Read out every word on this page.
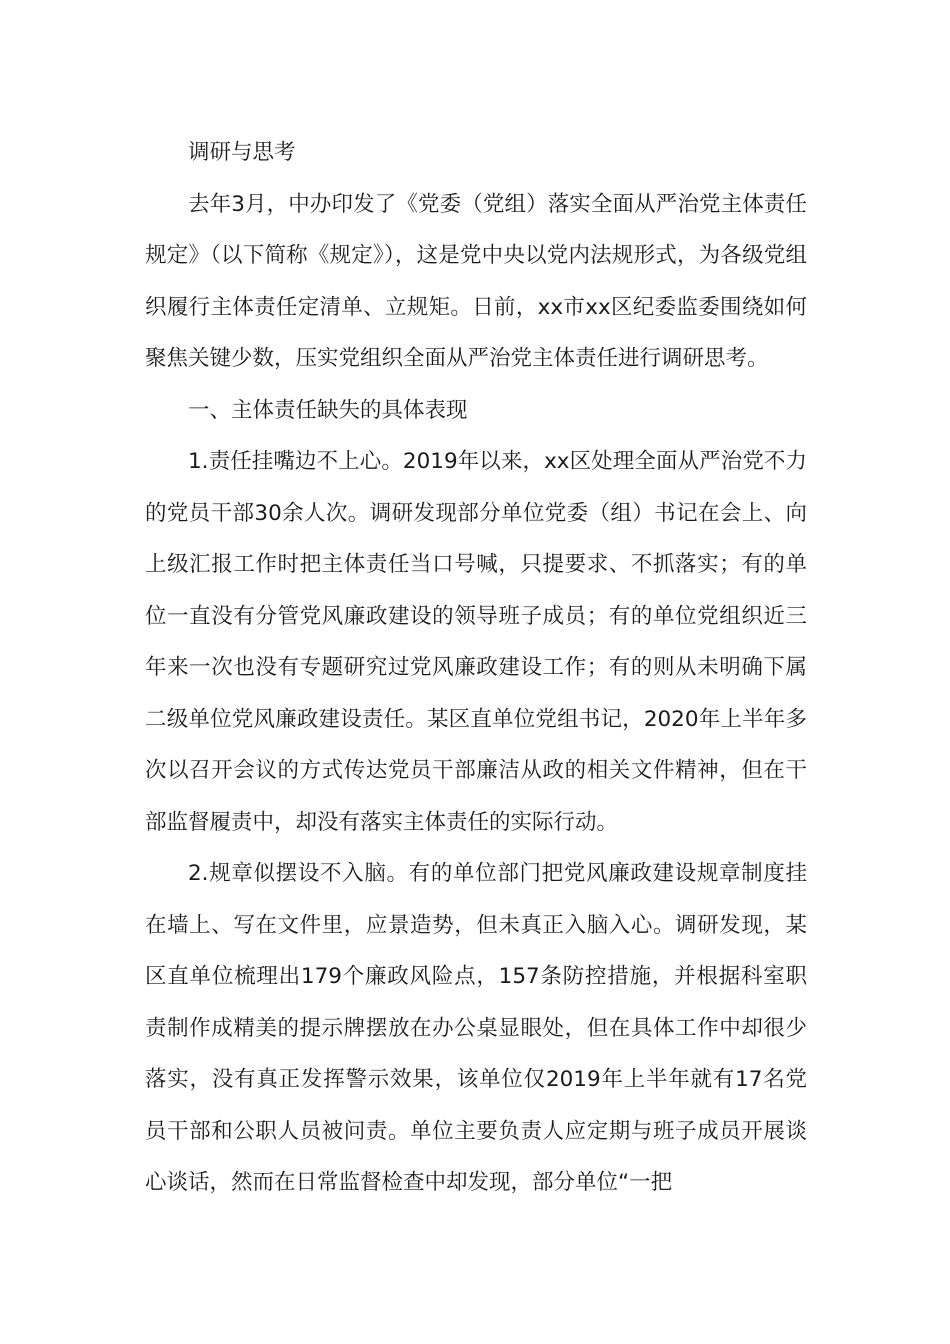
调研与思考

去年3月，中办印发了《党委（党组）落实全面从严治党主体责任规定》（以下简称《规定》），这是党中央以党内法规形式，为各级党组织履行主体责任定清单、立规矩。日前，xx市xx区纪委监委围绕如何聚焦关键少数，压实党组织全面从严治党主体责任进行调研思考。

一、主体责任缺失的具体表现

1.责任挂嘴边不上心。2019年以来，xx区处理全面从严治党不力的党员干部30余人次。调研发现部分单位党委（组）书记在会上、向上级汇报工作时把主体责任当口号喊，只提要求、不抓落实；有的单位一直没有分管党风廉政建设的领导班子成员；有的单位党组织近三年来一次也没有专题研究过党风廉政建设工作；有的则从未明确下属二级单位党风廉政建设责任。某区直单位党组书记，2020年上半年多次以召开会议的方式传达党员干部廉洁从政的相关文件精神，但在干部监督履责中，却没有落实主体责任的实际行动。

2.规章似摆设不入脑。有的单位部门把党风廉政建设规章制度挂在墙上、写在文件里，应景造势，但未真正入脑入心。调研发现，某区直单位梳理出179个廉政风险点，157条防控措施，并根据科室职责制作成精美的提示牌摆放在办公桌显眼处，但在具体工作中却很少落实，没有真正发挥警示效果，该单位仅2019年上半年就有17名党员干部和公职人员被问责。单位主要负责人应定期与班子成员开展谈心谈话，然而在日常监督检查中却发现，部分单位“一把
